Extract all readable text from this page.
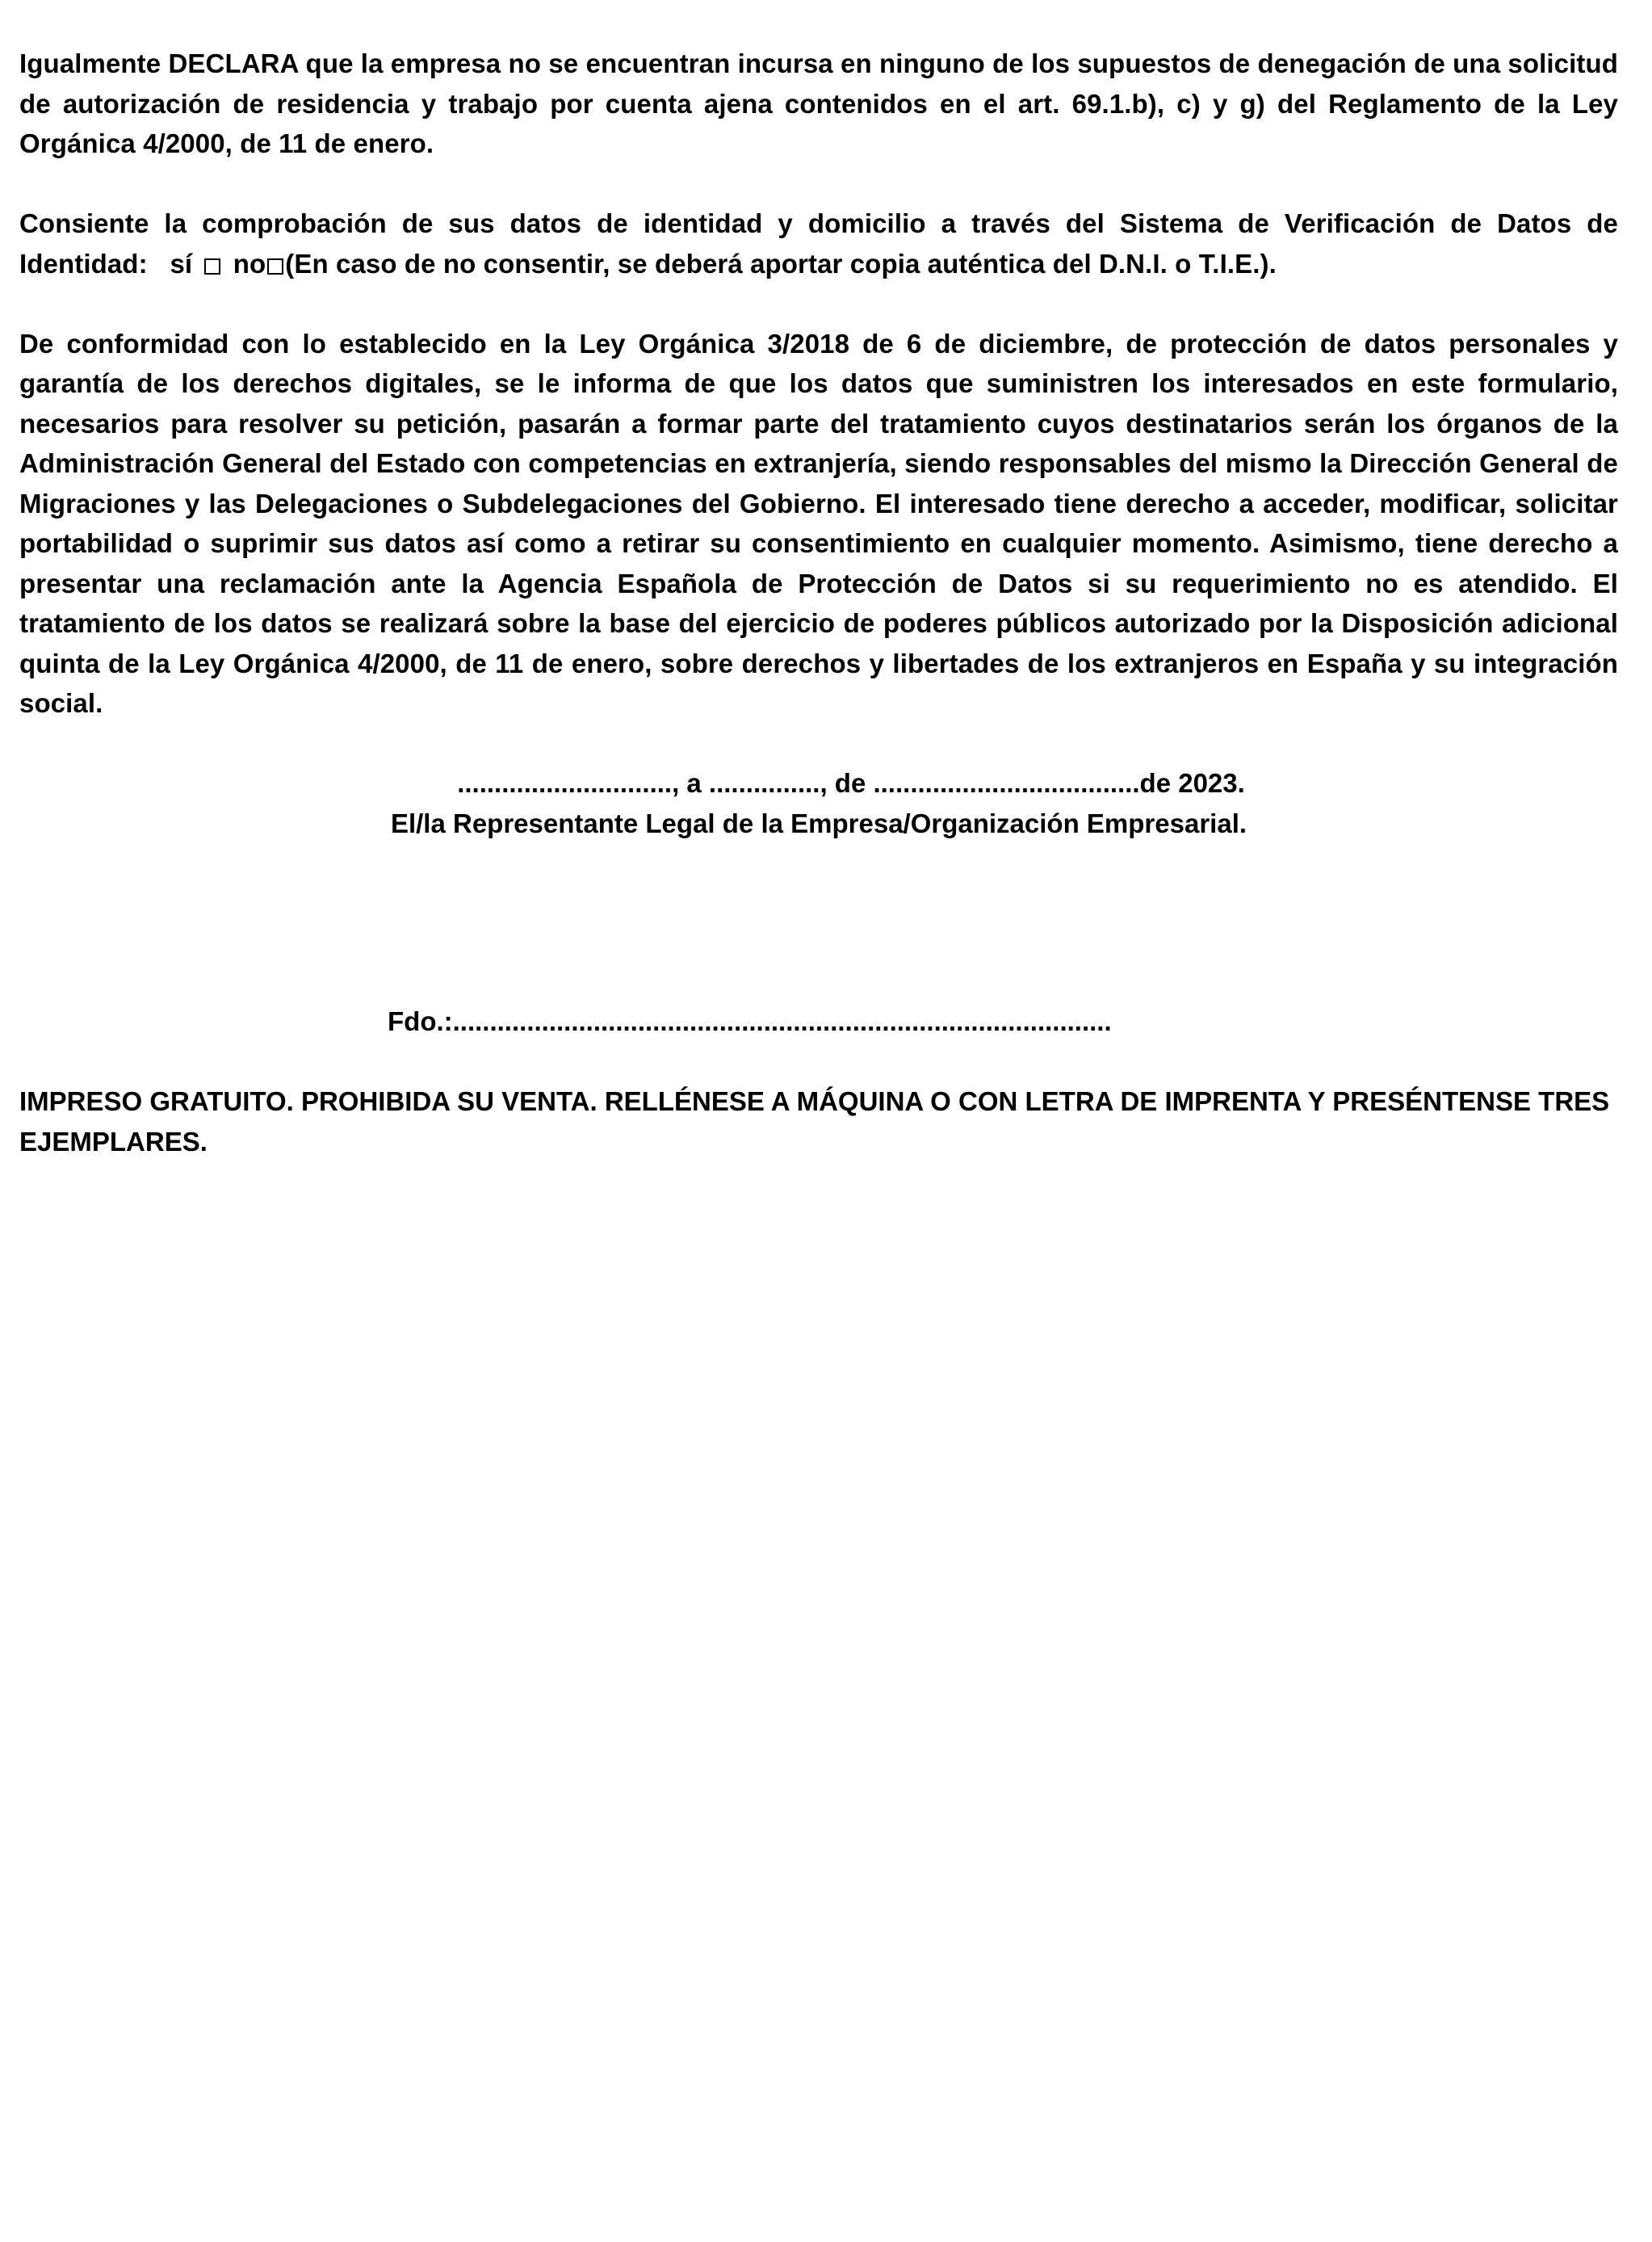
Igualmente DECLARA que la empresa no se encuentran incursa en ninguno de los supuestos de denegación de una solicitud de autorización de residencia y trabajo por cuenta ajena contenidos en el art. 69.1.b), c) y g) del Reglamento de la Ley Orgánica 4/2000, de 11 de enero.

Consiente la comprobación de sus datos de identidad y domicilio a través del Sistema de Verificación de Datos de Identidad: sí no (En caso de no consentir, se deberá aportar copia auténtica del D.N.I. o T.I.E.).

De conformidad con lo establecido en la Ley Orgánica 3/2018 de 6 de diciembre, de protección de datos personales y garantía de los derechos digitales, se le informa de que los datos que suministren los interesados en este formulario, necesarios para resolver su petición, pasarán a formar parte del tratamiento cuyos destinatarios serán los órganos de la Administración General del Estado con competencias en extranjería, siendo responsables del mismo la Dirección General de Migraciones y las Delegaciones o Subdelegaciones del Gobierno. El interesado tiene derecho a acceder, modificar, solicitar portabilidad o suprimir sus datos así como a retirar su consentimiento en cualquier momento. Asimismo, tiene derecho a presentar una reclamación ante la Agencia Española de Protección de Datos si su requerimiento no es atendido. El tratamiento de los datos se realizará sobre la base del ejercicio de poderes públicos autorizado por la Disposición adicional quinta de la Ley Orgánica 4/2000, de 11 de enero, sobre derechos y libertades de los extranjeros en España y su integración social.

............................., a ..............., de ....................................de 2023.
El/la Representante Legal de la Empresa/Organización Empresarial.
Fdo.:.........................................................................................

IMPRESO GRATUITO. PROHIBIDA SU VENTA. RELLÉNESE A MÁQUINA O CON LETRA DE IMPRENTA Y PRESÉNTENSE TRES EJEMPLARES.
